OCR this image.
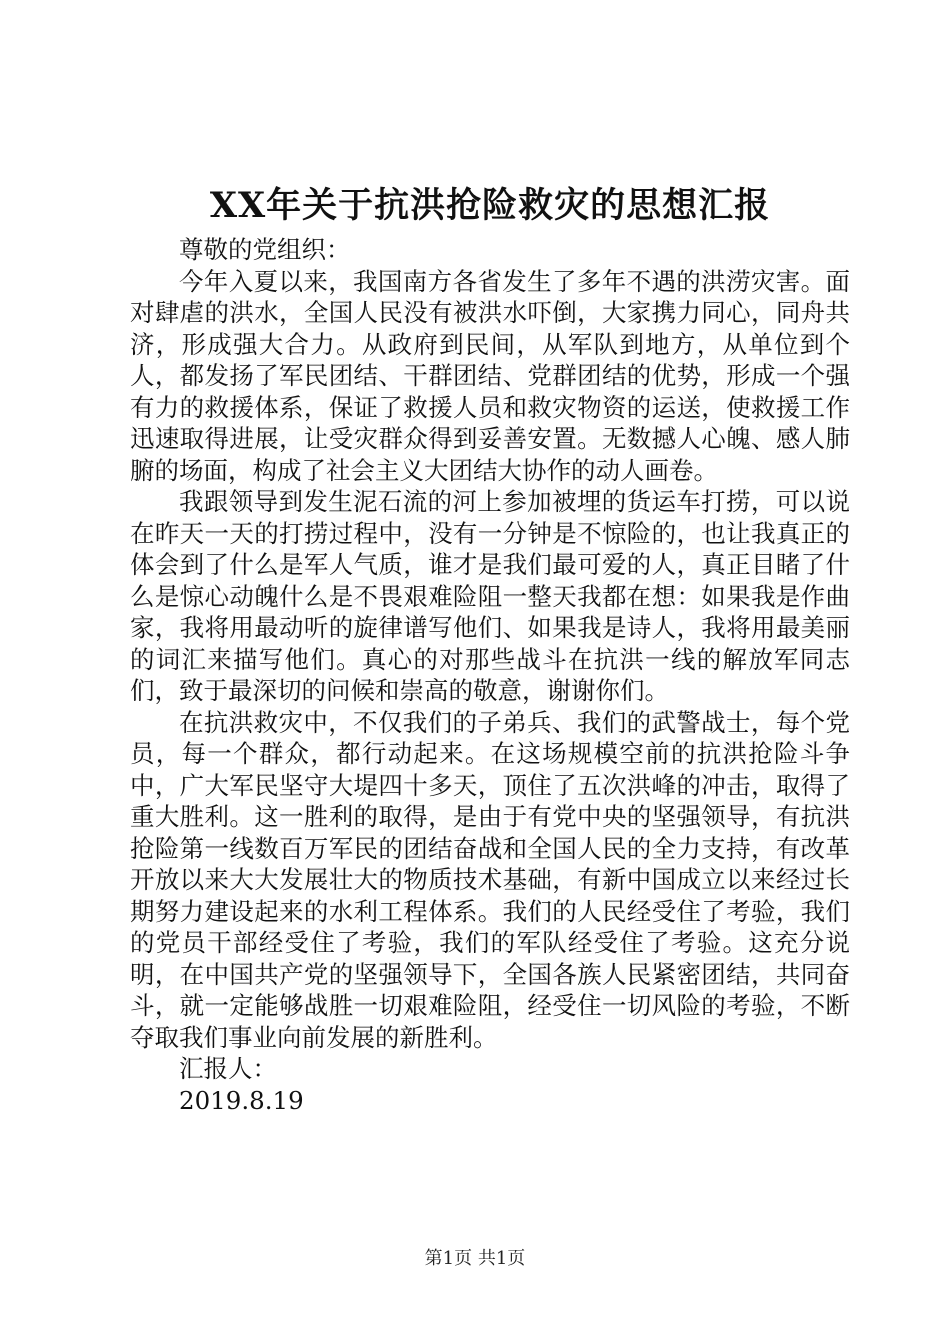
XX年关于抗洪抢险救灾的思想汇报

尊敬的党组织：

今年入夏以来，我国南方各省发生了多年不遇的洪涝灾害。面对肆虐的洪水，全国人民没有被洪水吓倒，大家携力同心，同舟共济，形成强大合力。从政府到民间，从军队到地方，从单位到个人，都发扬了军民团结、干群团结、党群团结的优势，形成一个强有力的救援体系，保证了救援人员和救灾物资的运送，使救援工作迅速取得进展，让受灾群众得到妥善安置。无数撼人心魄、感人肺腑的场面，构成了社会主义大团结大协作的动人画卷。

我跟领导到发生泥石流的河上参加被埋的货运车打捞，可以说在昨天一天的打捞过程中，没有一分钟是不惊险的，也让我真正的体会到了什么是军人气质，谁才是我们最可爱的人，真正目睹了什么是惊心动魄什么是不畏艰难险阻一整天我都在想：如果我是作曲家，我将用最动听的旋律谱写他们、如果我是诗人，我将用最美丽的词汇来描写他们。真心的对那些战斗在抗洪一线的解放军同志们，致于最深切的问候和崇高的敬意，谢谢你们。

在抗洪救灾中，不仅我们的子弟兵、我们的武警战士，每个党员，每一个群众，都行动起来。在这场规模空前的抗洪抢险斗争中，广大军民坚守大堤四十多天，顶住了五次洪峰的冲击，取得了重大胜利。这一胜利的取得，是由于有党中央的坚强领导，有抗洪抢险第一线数百万军民的团结奋战和全国人民的全力支持，有改革开放以来大大发展壮大的物质技术基础，有新中国成立以来经过长期努力建设起来的水利工程体系。我们的人民经受住了考验，我们的党员干部经受住了考验，我们的军队经受住了考验。这充分说明，在中国共产党的坚强领导下，全国各族人民紧密团结，共同奋斗，就一定能够战胜一切艰难险阻，经受住一切风险的考验，不断夺取我们事业向前发展的新胜利。

汇报人：

2019.8.19

第1页 共1页
